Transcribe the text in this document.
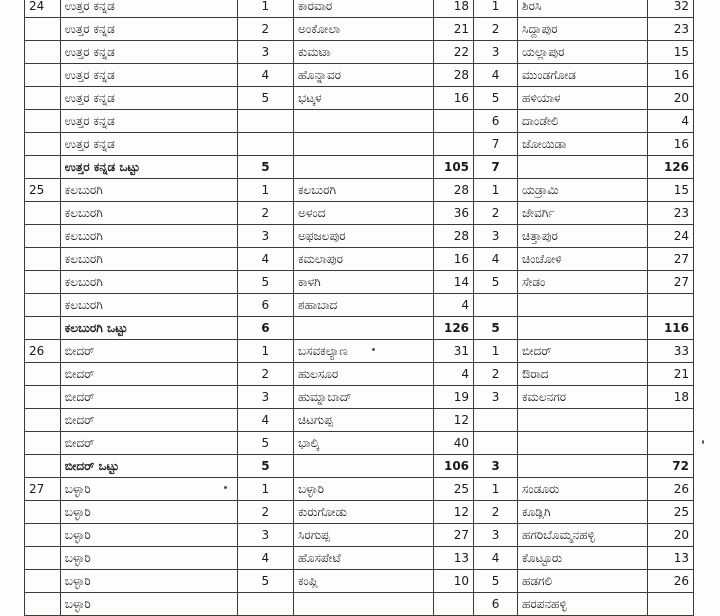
24	ಉತ್ತರ ಕನ್ನಡ	1	ಕಾರವಾರ	18	1	ಶಿರಸಿ	32
	ಉತ್ತರ ಕನ್ನಡ	2	ಅಂಕೋಲಾ	21	2	ಸಿದ್ದಾಪುರ	23
	ಉತ್ತರ ಕನ್ನಡ	3	ಕುಮಟಾ	22	3	ಯಲ್ಲಾಪುರ	15
	ಉತ್ತರ ಕನ್ನಡ	4	ಹೊನ್ನಾವರ	28	4	ಮುಂಡಗೋಡ	16
	ಉತ್ತರ ಕನ್ನಡ	5	ಭಟ್ಕಳ	16	5	ಹಳಿಯಾಳ	20
	ಉತ್ತರ ಕನ್ನಡ				6	ದಾಂಡೇಲಿ	4
	ಉತ್ತರ ಕನ್ನಡ				7	ಜೋಯಿಡಾ	16
	ಉತ್ತರ ಕನ್ನಡ ಒಟ್ಟು	5		105	7		126
25	ಕಲಬುರಗಿ	1	ಕಲಬುರಗಿ	28	1	ಯಡ್ರಾಮಿ	15
	ಕಲಬುರಗಿ	2	ಅಳಂದ	36	2	ಜೇವರ್ಗಿ	23
	ಕಲಬುರಗಿ	3	ಅಫಜಲಪುರ	28	3	ಚಿತ್ತಾಪುರ	24
	ಕಲಬುರಗಿ	4	ಕಮಲಾಪುರ	16	4	ಚಿಂಚೋಳಿ	27
	ಕಲಬುರಗಿ	5	ಕಾಳಗಿ	14	5	ಸೇಡಂ	27
	ಕಲಬುರಗಿ	6	ಶಹಾಬಾದ	4			
	ಕಲಬುರಗಿ ಒಟ್ಟು	6		126	5		116
26	ಬೀದರ್	1	ಬಸವಕಲ್ಯಾಣ	31	1	ಬೀದರ್	33
	ಬೀದರ್	2	ಹುಲಸೂರ	4	2	ಔರಾದ	21
	ಬೀದರ್	3	ಹುಮ್ನಾಬಾದ್	19	3	ಕಮಲನಗರ	18
	ಬೀದರ್	4	ಚಿಟಗುಪ್ಪ	12			
	ಬೀದರ್	5	ಭಾಲ್ಕಿ	40			
	ಬೀದರ್ ಒಟ್ಟು	5		106	3		72
27	ಬಳ್ಳಾರಿ	1	ಬಳ್ಳಾರಿ	25	1	ಸಂಡೂರು	26
	ಬಳ್ಳಾರಿ	2	ಕುರುಗೋಡು	12	2	ಕೂಡ್ಲಿಗಿ	25
	ಬಳ್ಳಾರಿ	3	ಸಿರಗುಪ್ಪ	27	3	ಹಗರಿಬೊಮ್ಮನಹಳ್ಳಿ	20
	ಬಳ್ಳಾರಿ	4	ಹೊಸಪೇಟೆ	13	4	ಕೊಟ್ಟೂರು	13
	ಬಳ್ಳಾರಿ	5	ಕಂಪ್ಲಿ	10	5	ಹಡಗಲಿ	26
	ಬಳ್ಳಾರಿ				6	ಹರಪನಹಳ್ಳಿ	
